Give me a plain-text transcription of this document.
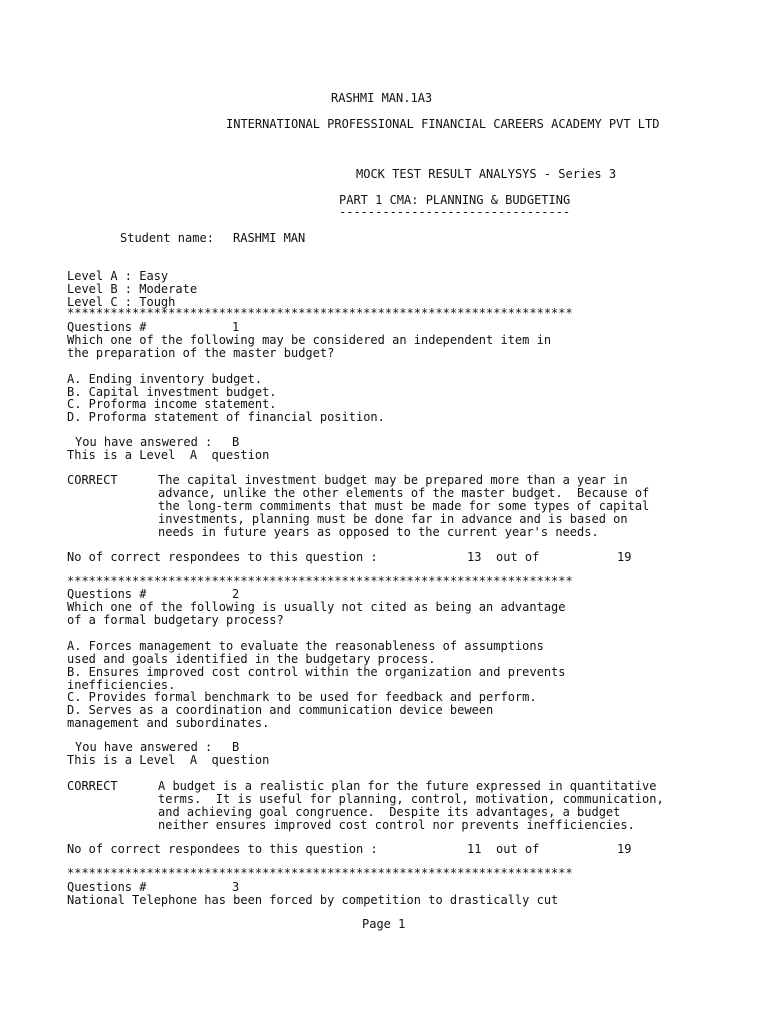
RASHMI MAN.1A3
INTERNATIONAL PROFESSIONAL FINANCIAL CAREERS ACADEMY PVT LTD
MOCK TEST RESULT ANALYSYS - Series 3
PART 1 CMA: PLANNING & BUDGETING
--------------------------------
Student name: RASHMI MAN
Level A : Easy
Level B : Moderate
Level C : Tough
**********************************************************************
Questions #	1
Which one of the following may be considered an independent item in
the preparation of the master budget?
A. Ending inventory budget.
B. Capital investment budget.
C. Proforma income statement.
D. Proforma statement of financial position.
You have answered : B
This is a Level  A  question
CORRECT	The capital investment budget may be prepared more than a year in
advance, unlike the other elements of the master budget.  Because of
the long-term commiments that must be made for some types of capital
investments, planning must be done far in advance and is based on
needs in future years as opposed to the current year's needs.
No of correct respondees to this question :	13 out of	19
**********************************************************************
Questions #	2
Which one of the following is usually not cited as being an advantage
of a formal budgetary process?
A. Forces management to evaluate the reasonableness of assumptions
used and goals identified in the budgetary process.
B. Ensures improved cost control within the organization and prevents
inefficiencies.
C. Provides formal benchmark to be used for feedback and perform.
D. Serves as a coordination and communication device beween
management and subordinates.
You have answered : B
This is a Level  A  question
CORRECT	A budget is a realistic plan for the future expressed in quantitative
terms.  It is useful for planning, control, motivation, communication,
and achieving goal congruence.  Despite its advantages, a budget
neither ensures improved cost control nor prevents inefficiencies.
No of correct respondees to this question :	11 out of	19
**********************************************************************
Questions #	3
National Telephone has been forced by competition to drastically cut
Page 1
